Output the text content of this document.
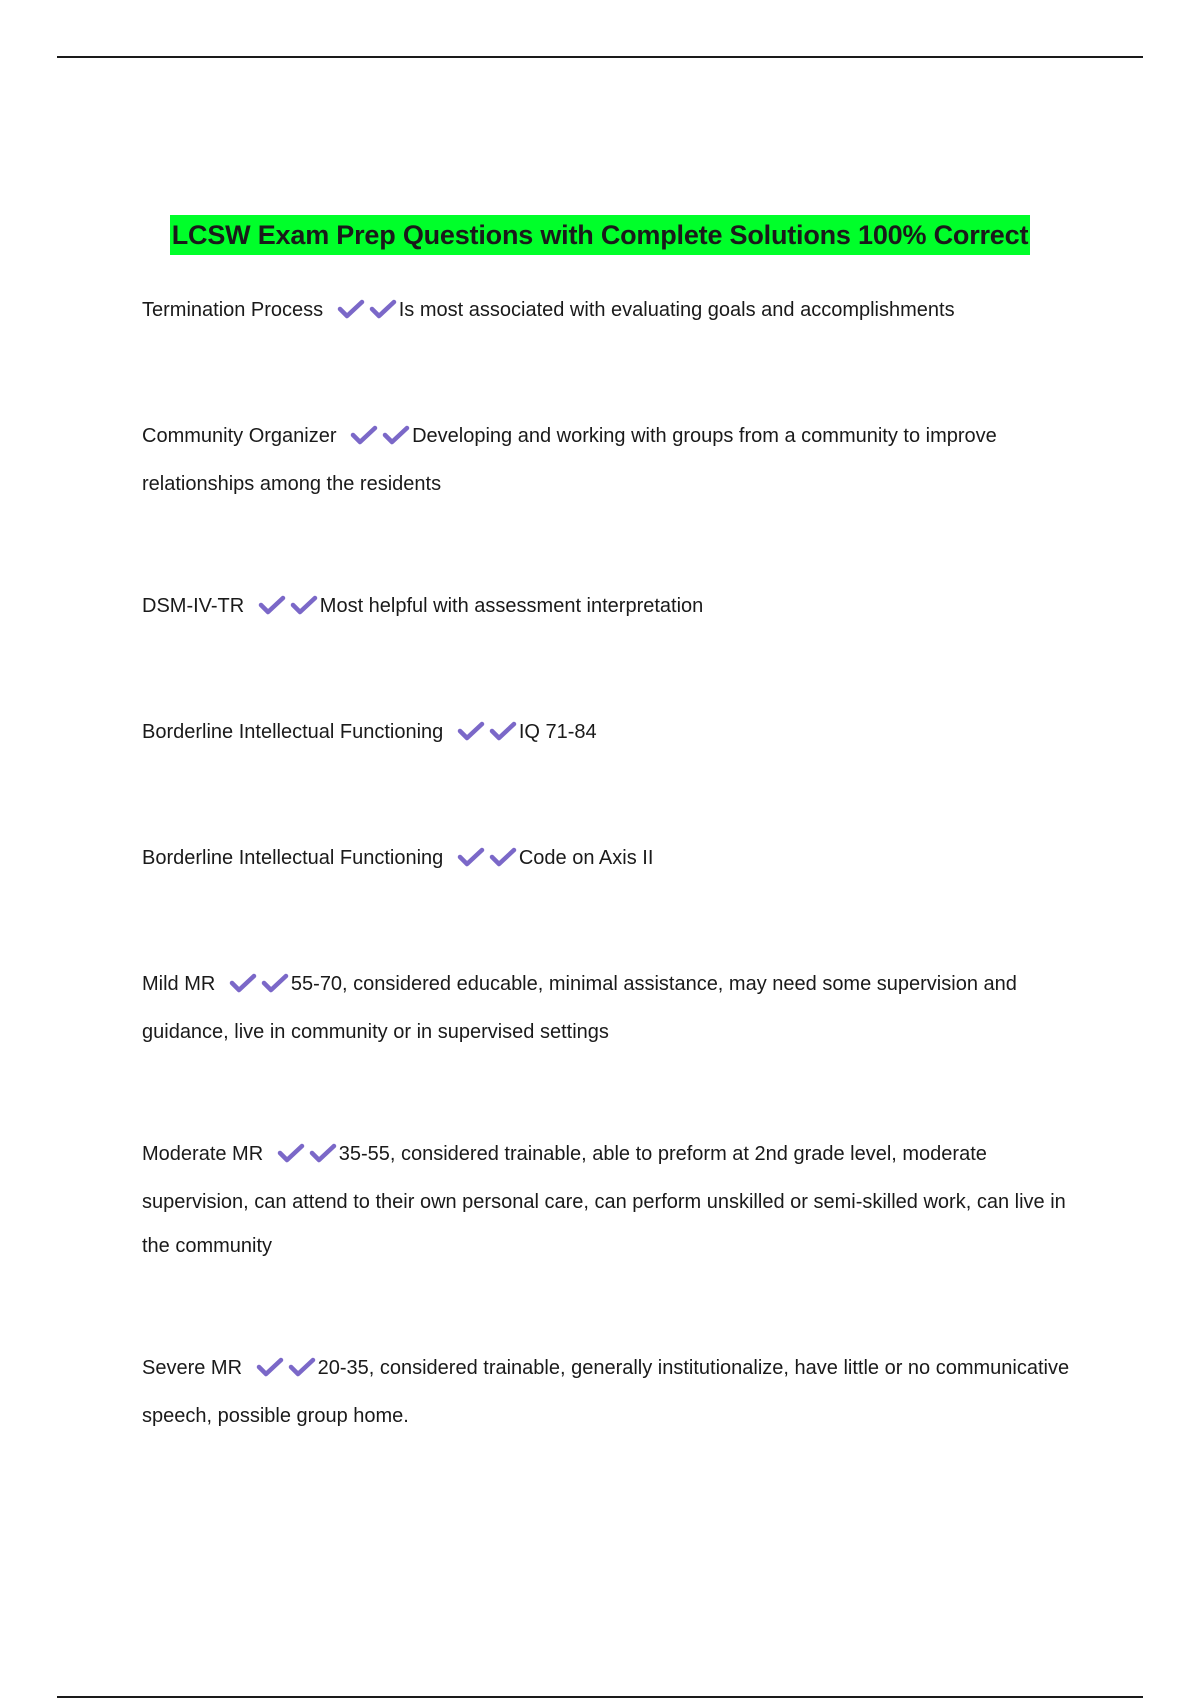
LCSW Exam Prep Questions with Complete Solutions 100% Correct
Termination Process	Is most associated with evaluating goals and accomplishments
Community Organizer	Developing and working with groups from a community to improve relationships among the residents
DSM-IV-TR	Most helpful with assessment interpretation
Borderline Intellectual Functioning	IQ 71-84
Borderline Intellectual Functioning	Code on Axis II
Mild MR	55-70, considered educable, minimal assistance, may need some supervision and guidance, live in community or in supervised settings
Moderate MR	35-55, considered trainable, able to preform at 2nd grade level, moderate supervision, can attend to their own personal care, can perform unskilled or semi-skilled work, can live in the community
Severe MR	20-35, considered trainable, generally institutionalize, have little or no communicative speech, possible group home.
